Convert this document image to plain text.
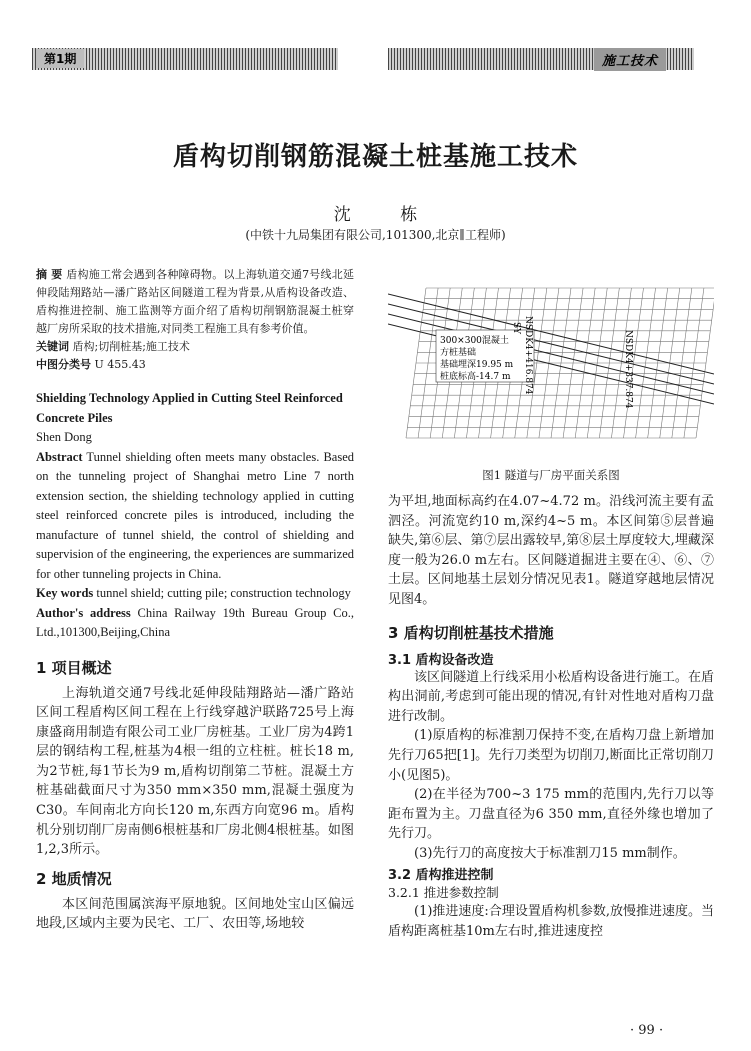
第1期	施工技术
盾构切削钢筋混凝土桩基施工技术
沈 栋
(中铁十九局集团有限公司,101300,北京∥工程师)

摘 要 盾构施工常会遇到各种障碍物。以上海轨道交通7号线北延伸段陆翔路站—潘广路站区间隧道工程为背景,从盾构设备改造、盾构推进控制、施工监测等方面介绍了盾构切削钢筋混凝土桩穿越厂房所采取的技术措施,对同类工程施工具有参考价值。

关键词 盾构;切削桩基;施工技术

中图分类号 U 455.43

Shielding Technology Applied in Cutting Steel Reinforced Concrete Piles

Shen Dong

Abstract Tunnel shielding often meets many obstacles. Based on the tunneling project of Shanghai metro Line 7 north extension section, the shielding technology applied in cutting steel reinforced concrete piles is introduced, including the manufacture of tunnel shield, the control of shielding and supervision of the engineering, the experiences are summarized for other tunneling projects in China.

Key words tunnel shield; cutting pile; construction technology

Author's address China Railway 19th Bureau Group Co., Ltd.,101300,Beijing,China

1 项目概述

上海轨道交通7号线北延伸段陆翔路站—潘广路站区间工程盾构区间工程在上行线穿越沪联路725号上海康盛商用制造有限公司工业厂房桩基。工业厂房为4跨1层的钢结构工程,桩基为4根一组的立柱桩。桩长18 m,为2节桩,每1节长为9 m,盾构切削第二节桩。混凝土方桩基础截面尺寸为350 mm×350 mm,混凝土强度为C30。车间南北方向长120 m,东西方向宽96 m。盾构机分别切削厂房南侧6根桩基和厂房北侧4根桩基。如图1,2,3所示。

2 地质情况

本区间范围属滨海平原地貌。区间地处宝山区偏远地段,区域内主要为民宅、工厂、农田等,场地较

300×300混凝土
方桩基础
基础埋深19.95 m
桩底标高-14.7 m
SY NSDK4+416.874	NSDK4+337.874
图1 隧道与厂房平面关系图

为平坦,地面标高约在4.07~4.72 m。沿线河流主要有孟泗泾。河流宽约10 m,深约4~5 m。本区间第⑤层普遍缺失,第⑥层、第⑦层出露较早,第⑧层土厚度较大,埋藏深度一般为26.0 m左右。区间隧道掘进主要在④、⑥、⑦土层。区间地基土层划分情况见表1。隧道穿越地层情况见图4。

3 盾构切削桩基技术措施

3.1 盾构设备改造

该区间隧道上行线采用小松盾构设备进行施工。在盾构出洞前,考虑到可能出现的情况,有针对性地对盾构刀盘进行改制。

(1)原盾构的标准割刀保持不变,在盾构刀盘上新增加先行刀65把[1]。先行刀类型为切削刀,断面比正常切削刀小(见图5)。

(2)在半径为700~3 175 mm的范围内,先行刀以等距布置为主。刀盘直径为6 350 mm,直径外缘也增加了先行刀。

(3)先行刀的高度按大于标准割刀15 mm制作。

3.2 盾构推进控制

3.2.1 推进参数控制

(1)推进速度:合理设置盾构机参数,放慢推进速度。当盾构距离桩基10m左右时,推进速度控

· 99 ·
